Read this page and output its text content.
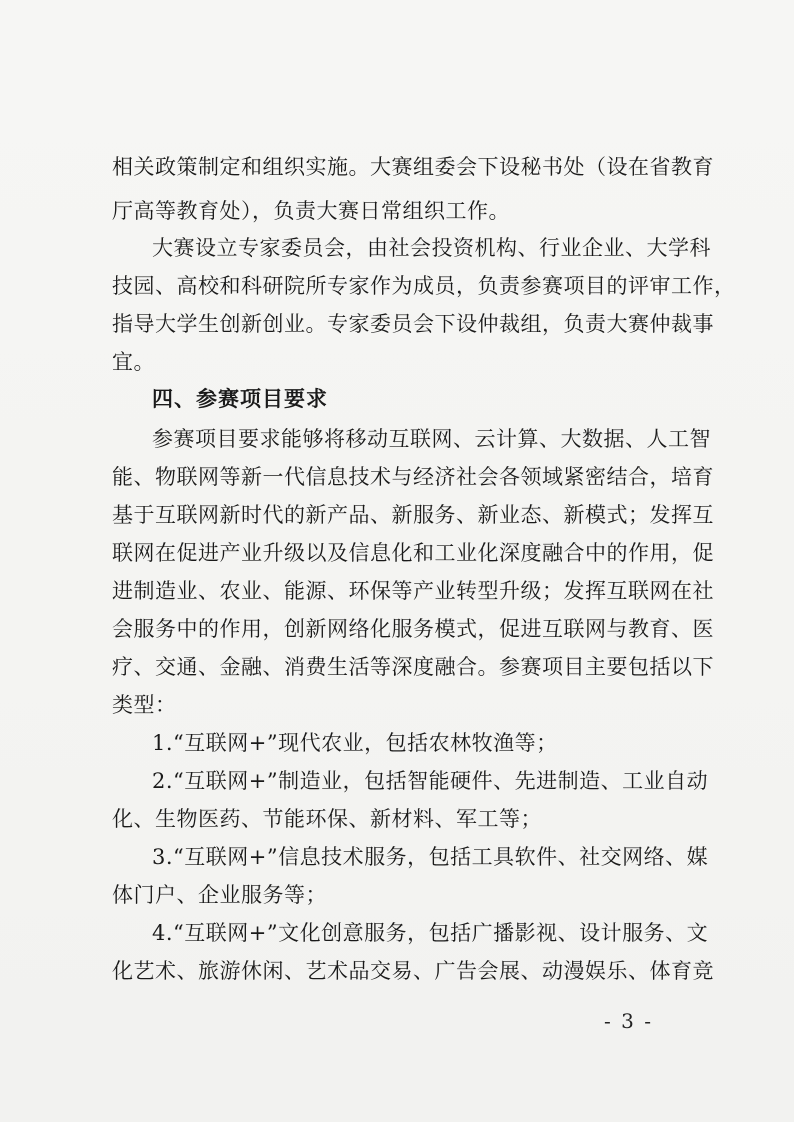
相关政策制定和组织实施。大赛组委会下设秘书处（设在省教育
厅高等教育处），负责大赛日常组织工作。
大赛设立专家委员会，由社会投资机构、行业企业、大学科
技园、高校和科研院所专家作为成员，负责参赛项目的评审工作，
指导大学生创新创业。专家委员会下设仲裁组，负责大赛仲裁事
宜。
四、参赛项目要求
参赛项目要求能够将移动互联网、云计算、大数据、人工智
能、物联网等新一代信息技术与经济社会各领域紧密结合，培育
基于互联网新时代的新产品、新服务、新业态、新模式；发挥互
联网在促进产业升级以及信息化和工业化深度融合中的作用，促
进制造业、农业、能源、环保等产业转型升级；发挥互联网在社
会服务中的作用，创新网络化服务模式，促进互联网与教育、医
疗、交通、金融、消费生活等深度融合。参赛项目主要包括以下
类型：
1.“互联网+”现代农业，包括农林牧渔等；
2.“互联网+”制造业，包括智能硬件、先进制造、工业自动
化、生物医药、节能环保、新材料、军工等；
3.“互联网+”信息技术服务，包括工具软件、社交网络、媒
体门户、企业服务等；
4.“互联网+”文化创意服务，包括广播影视、设计服务、文
化艺术、旅游休闲、艺术品交易、广告会展、动漫娱乐、体育竞
- 3 -
